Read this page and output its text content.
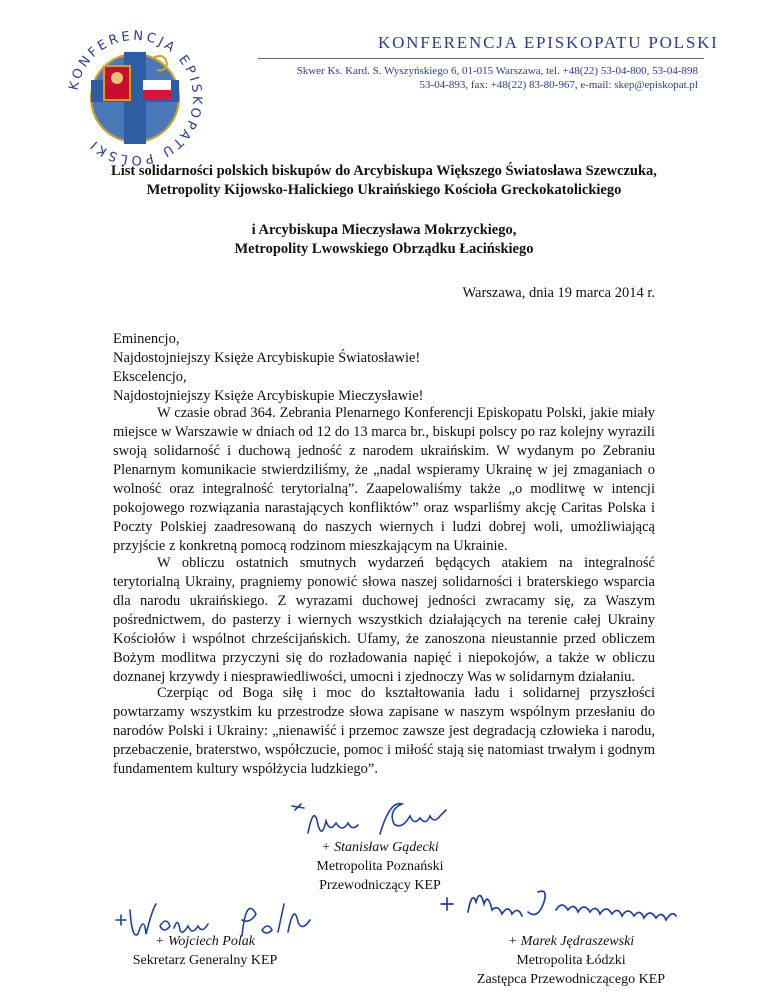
KONFERENCJA EPISKOPATU POLSKI
KONFERENCJA EPISKOPATU POLSKI
Skwer Ks. Kard. S. Wyszyńskiego 6, 01-015 Warszawa, tel. +48(22) 53-04-800, 53-04-898
53-04-893, fax: +48(22) 83-80-967, e-mail: skep@episkopat.pl
List solidarności polskich biskupów do Arcybiskupa Większego Światosława Szewczuka,
Metropolity Kijowsko-Halickiego Ukraińskiego Kościoła Greckokatolickiego
i Arcybiskupa Mieczysława Mokrzyckiego,
Metropolity Lwowskiego Obrządku Łacińskiego
Warszawa, dnia 19 marca 2014 r.
Eminencjo,
Najdostojniejszy Księże Arcybiskupie Światosławie!
Ekscelencjo,
Najdostojniejszy Księże Arcybiskupie Mieczysławie!
W czasie obrad 364. Zebrania Plenarnego Konferencji Episkopatu Polski, jakie miały miejsce w Warszawie w dniach od 12 do 13 marca br., biskupi polscy po raz kolejny wyrazili swoją solidarność i duchową jedność z narodem ukraińskim. W wydanym po Zebraniu Plenarnym komunikacie stwierdziliśmy, że „nadal wspieramy Ukrainę w jej zmaganiach o wolność oraz integralność terytorialną”. Zaapelowaliśmy także „o modlitwę w intencji pokojowego rozwiązania narastających konfliktów” oraz wsparliśmy akcję Caritas Polska i Poczty Polskiej zaadresowaną do naszych wiernych i ludzi dobrej woli, umożliwiającą przyjście z konkretną pomocą rodzinom mieszkającym na Ukrainie.
W obliczu ostatnich smutnych wydarzeń będących atakiem na integralność terytorialną Ukrainy, pragniemy ponowić słowa naszej solidarności i braterskiego wsparcia dla narodu ukraińskiego. Z wyrazami duchowej jedności zwracamy się, za Waszym pośrednictwem, do pasterzy i wiernych wszystkich działających na terenie całej Ukrainy Kościołów i wspólnot chrześcijańskich. Ufamy, że zanoszona nieustannie przed obliczem Bożym modlitwa przyczyni się do rozładowania napięć i niepokojów, a także w obliczu doznanej krzywdy i niesprawiedliwości, umocni i zjednoczy Was w solidarnym działaniu.
Czerpiąc od Boga siłę i moc do kształtowania ładu i solidarnej przyszłości powtarzamy wszystkim ku przestrodze słowa zapisane w naszym wspólnym przesłaniu do narodów Polski i Ukrainy: „nienawiść i przemoc zawsze jest degradacją człowieka i narodu, przebaczenie, braterstwo, współczucie, pomoc i miłość stają się natomiast trwałym i godnym fundamentem kultury współżycia ludzkiego”.
+ Stanisław Gądecki
Metropolita Poznański
Przewodniczący KEP
+ Wojciech Polak
Sekretarz Generalny KEP
+ Marek Jędraszewski
Metropolita Łódzki
Zastępca Przewodniczącego KEP
